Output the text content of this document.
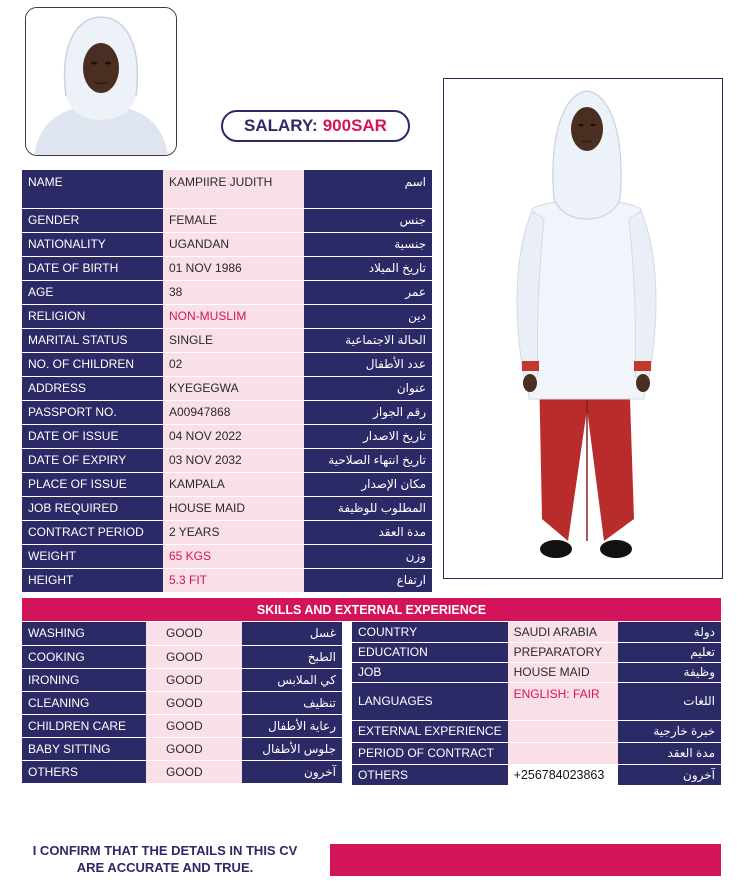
SALARY: 900SAR
NAME	KAMPIIRE JUDITH	اسم
GENDER	FEMALE	جنس
NATIONALITY	UGANDAN	جنسية
DATE OF BIRTH	01 NOV 1986	تاريخ الميلاد
AGE	38	عمر
RELIGION	NON-MUSLIM	دين
MARITAL STATUS	SINGLE	الحالة الاجتماعية
NO. OF CHILDREN	02	عدد الأطفال
ADDRESS	KYEGEGWA	عنوان
PASSPORT NO.	A00947868	رقم الجواز
DATE OF ISSUE	04 NOV 2022	تاريخ الاصدار
DATE OF EXPIRY	03 NOV 2032	تاريخ انتهاء الصلاحية
PLACE OF ISSUE	KAMPALA	مكان الإصدار
JOB REQUIRED	HOUSE MAID	المطلوب للوظيفة
CONTRACT PERIOD	2 YEARS	مدة العقد
WEIGHT	65 KGS	وزن
HEIGHT	5.3 FIT	ارتفاع
SKILLS AND EXTERNAL EXPERIENCE
WASHING	GOOD	غسل
COOKING	GOOD	الطبخ
IRONING	GOOD	كي الملابس
CLEANING	GOOD	تنظيف
CHILDREN CARE	GOOD	رعاية الأطفال
BABY SITTING	GOOD	جلوس الأطفال
OTHERS	GOOD	آخرون
COUNTRY	SAUDI ARABIA	دولة
EDUCATION	PREPARATORY	تعليم
JOB	HOUSE MAID	وظيفة
LANGUAGES	ENGLISH: FAIR	اللغات
EXTERNAL EXPERIENCE		خبرة خارجية
PERIOD OF CONTRACT		مدة العقد
OTHERS	+256784023863	آخرون
I CONFIRM THAT THE DETAILS IN THIS CV ARE ACCURATE AND TRUE.
